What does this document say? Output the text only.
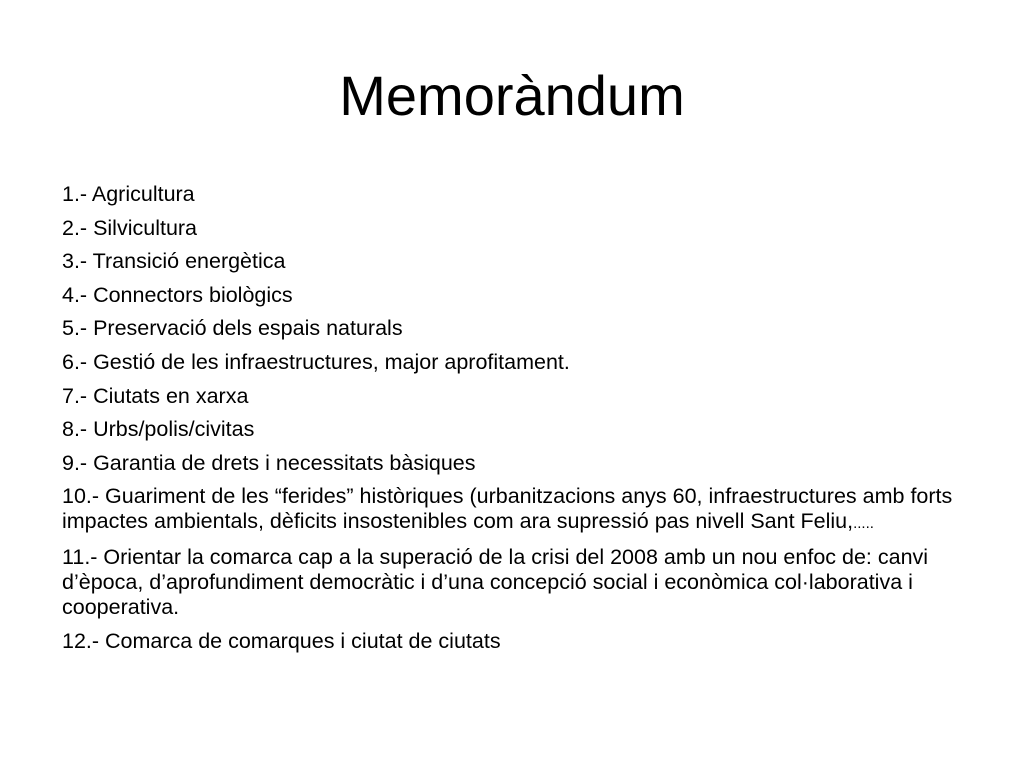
Memoràndum
1.- Agricultura
2.- Silvicultura
3.- Transició energètica
4.- Connectors biològics
5.- Preservació dels espais naturals
6.- Gestió de les infraestructures, major aprofitament.
7.- Ciutats en xarxa
8.- Urbs/polis/civitas
9.- Garantia de drets i necessitats bàsiques
10.- Guariment de les “ferides” històriques (urbanitzacions anys 60, infraestructures amb forts impactes ambientals, dèficits insostenibles com ara supressió pas nivell Sant Feliu,.....
11.- Orientar la comarca cap a la superació de la crisi del 2008 amb un nou enfoc de: canvi d’època, d’aprofundiment democràtic i d’una concepció social i econòmica col·laborativa i cooperativa.
12.- Comarca de comarques i ciutat de ciutats
